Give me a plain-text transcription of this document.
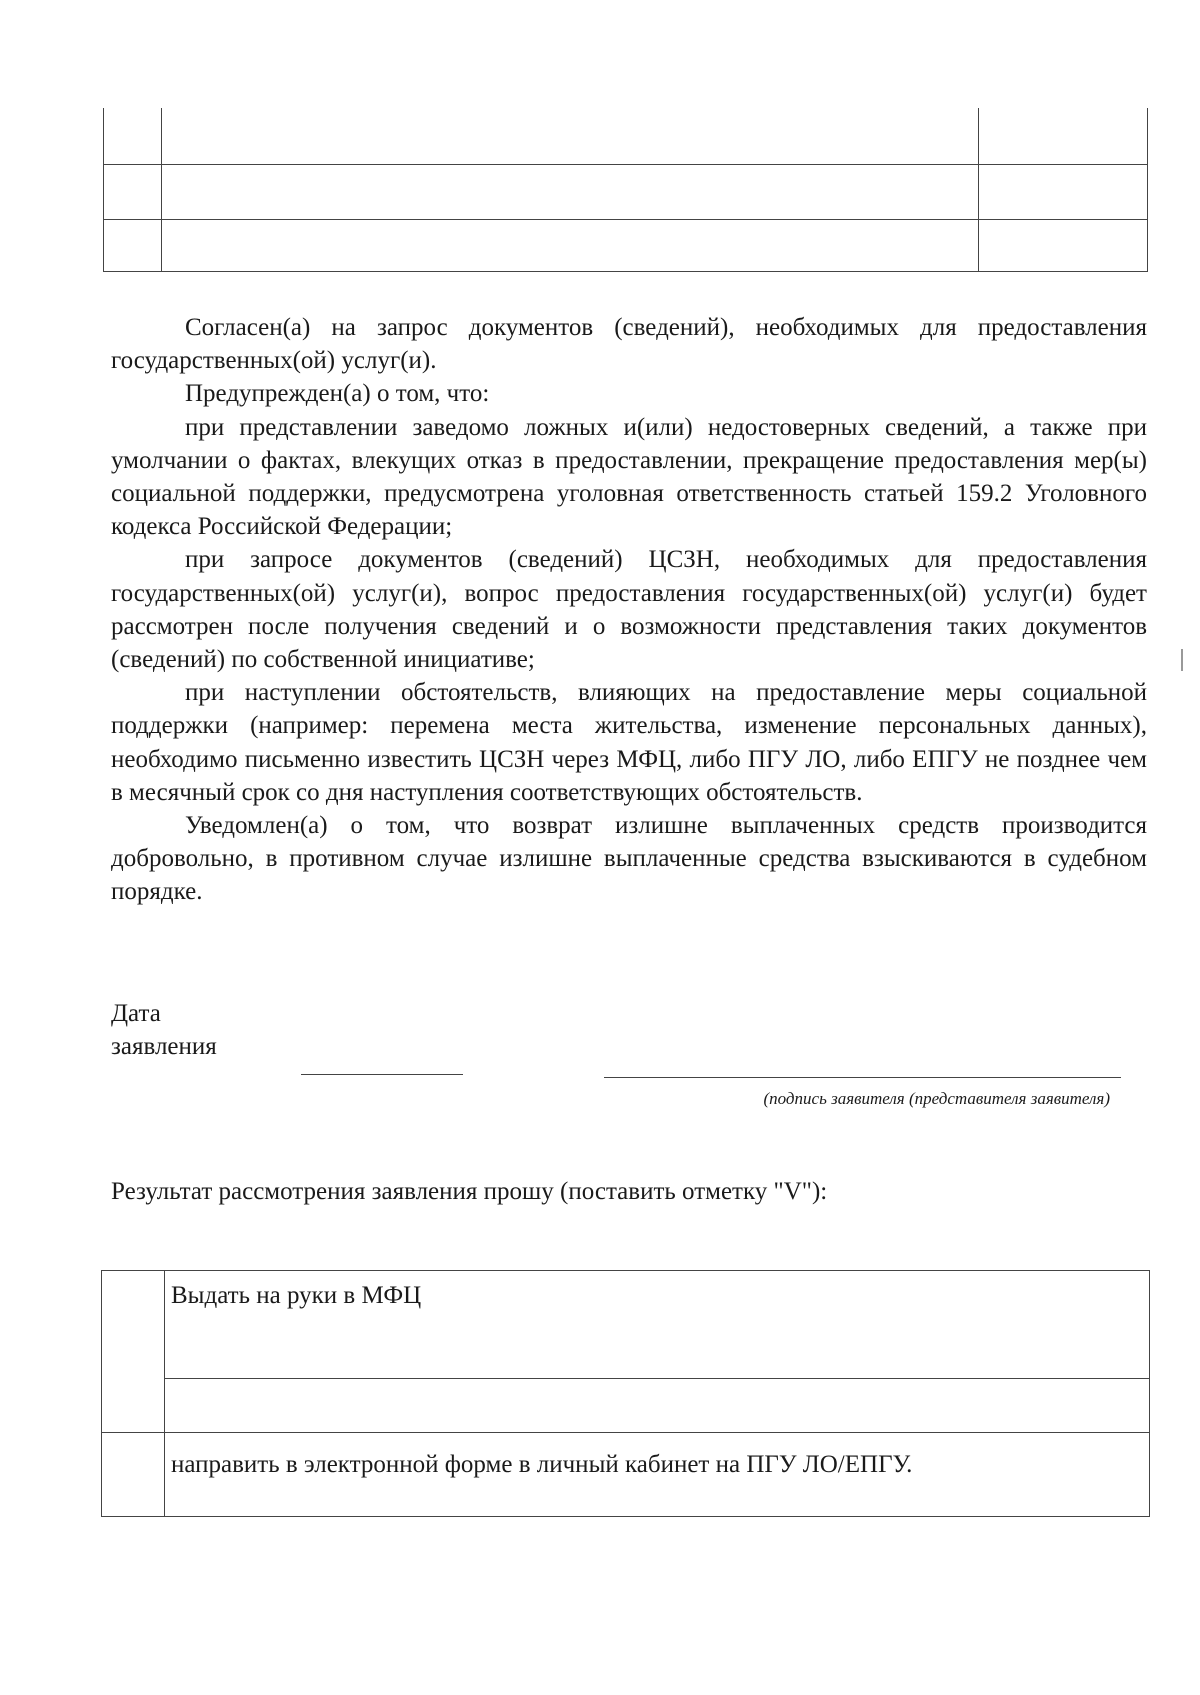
Согласен(а) на запрос документов (сведений), необходимых для предоставления государственных(ой) услуг(и).

Предупрежден(а) о том, что:

при представлении заведомо ложных и(или) недостоверных сведений, а также при умолчании о фактах, влекущих отказ в предоставлении, прекращение предоставления мер(ы) социальной поддержки, предусмотрена уголовная ответственность статьей 159.2 Уголовного кодекса Российской Федерации;

при запросе документов (сведений) ЦСЗН, необходимых для предоставления государственных(ой) услуг(и), вопрос предоставления государственных(ой) услуг(и) будет рассмотрен после получения сведений и о возможности представления таких документов (сведений) по собственной инициативе;

при наступлении обстоятельств, влияющих на предоставление меры социальной поддержки (например: перемена места жительства, изменение персональных данных), необходимо письменно известить ЦСЗН через МФЦ, либо ПГУ ЛО, либо ЕПГУ не позднее чем в месячный срок со дня наступления соответствующих обстоятельств.

Уведомлен(а) о том, что возврат излишне выплаченных средств производится добровольно, в противном случае излишне выплаченные средства взыскиваются в судебном порядке.

Дата
заявления
(подпись заявителя (представителя заявителя)
Результат рассмотрения заявления прошу (поставить отметку "V"):

	Выдать на руки в МФЦ

	направить в электронной форме в личный кабинет на ПГУ ЛО/ЕПГУ.
